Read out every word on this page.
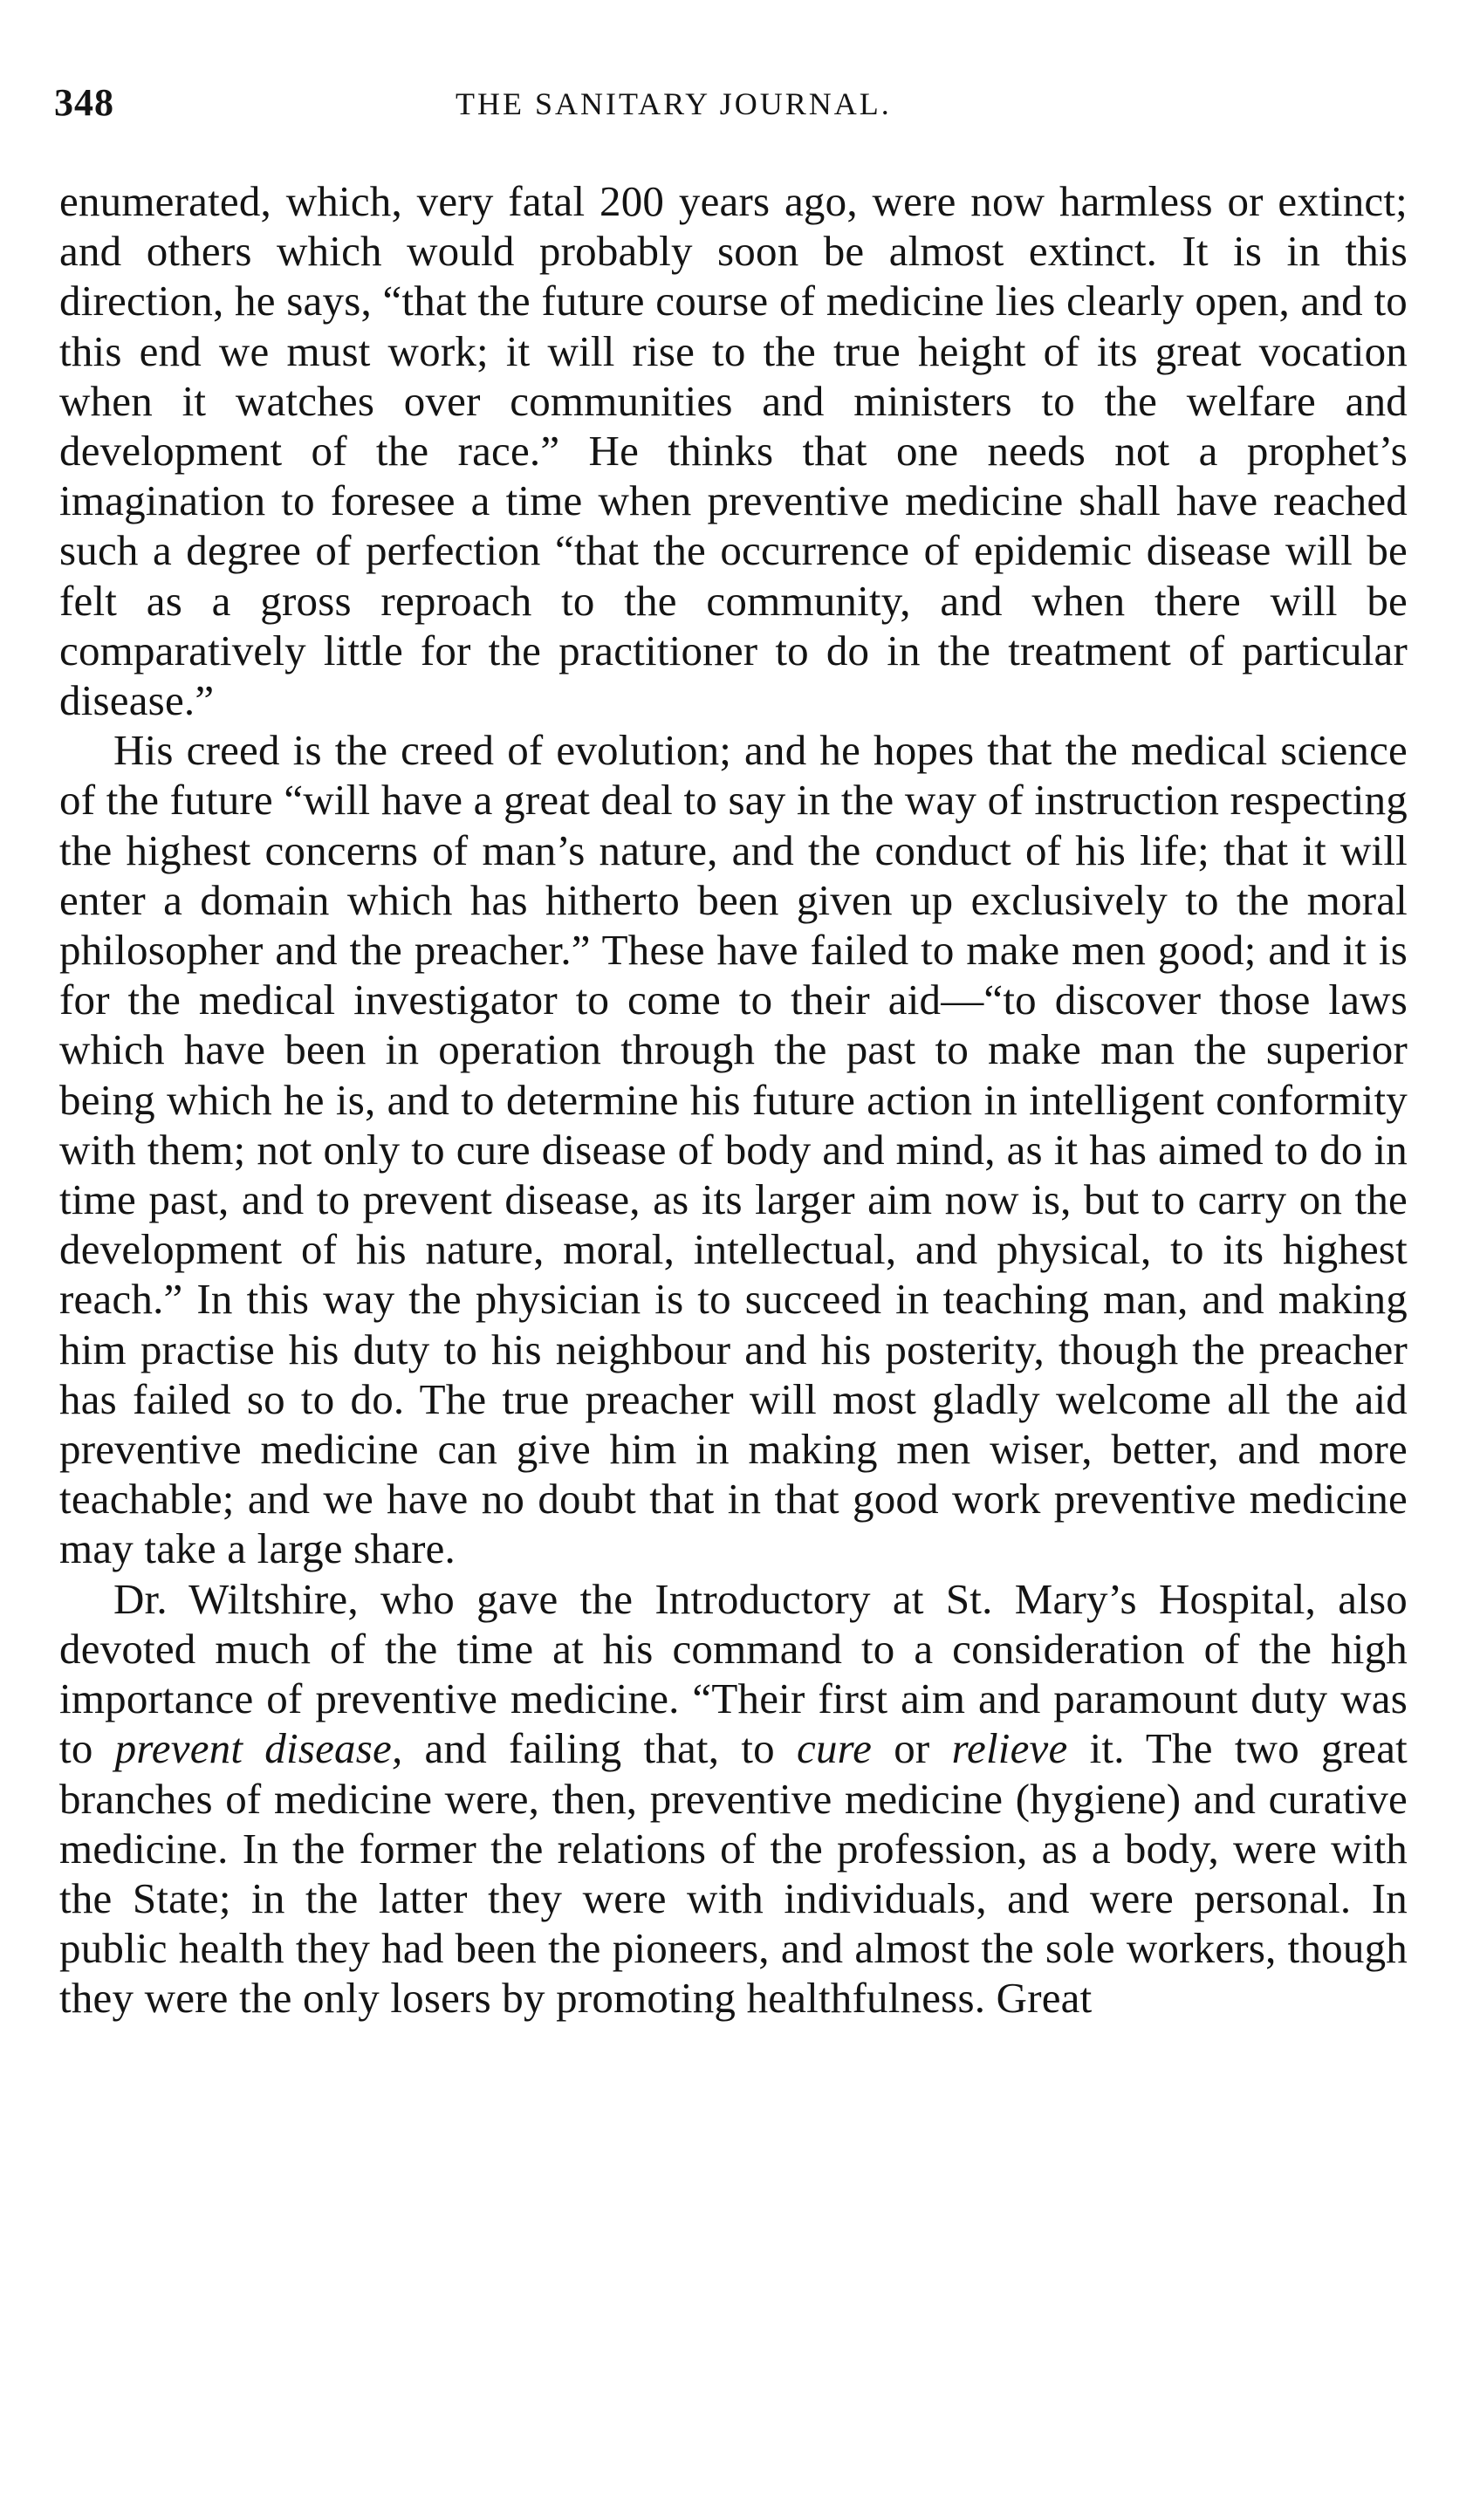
348	THE SANITARY JOURNAL.

enumerated, which, very fatal 200 years ago, were now harmless or extinct; and others which would probably soon be almost extinct. It is in this direction, he says, “that the future course of medicine lies clearly open, and to this end we must work; it will rise to the true height of its great vocation when it watches over communities and ministers to the welfare and development of the race.” He thinks that one needs not a prophet’s imagination to foresee a time when preventive medicine shall have reached such a degree of perfection “that the occurrence of epidemic disease will be felt as a gross reproach to the community, and when there will be comparatively little for the practitioner to do in the treatment of particular disease.”

His creed is the creed of evolution; and he hopes that the medical science of the future “will have a great deal to say in the way of instruction respecting the highest concerns of man’s nature, and the conduct of his life; that it will enter a domain which has hitherto been given up exclusively to the moral philosopher and the preacher.” These have failed to make men good; and it is for the medical investigator to come to their aid—“to discover those laws which have been in operation through the past to make man the superior being which he is, and to determine his future action in intelligent conformity with them; not only to cure disease of body and mind, as it has aimed to do in time past, and to prevent disease, as its larger aim now is, but to carry on the development of his nature, moral, intellectual, and physical, to its highest reach.” In this way the physician is to succeed in teaching man, and making him practise his duty to his neighbour and his posterity, though the preacher has failed so to do. The true preacher will most gladly welcome all the aid preventive medicine can give him in making men wiser, better, and more teachable; and we have no doubt that in that good work preventive medicine may take a large share.

Dr. Wiltshire, who gave the Introductory at St. Mary’s Hospital, also devoted much of the time at his command to a consideration of the high importance of preventive medicine. “Their first aim and paramount duty was to prevent disease, and failing that, to cure or relieve it. The two great branches of medicine were, then, preventive medicine (hygiene) and curative medicine. In the former the relations of the profession, as a body, were with the State; in the latter they were with individuals, and were personal. In public health they had been the pioneers, and almost the sole workers, though they were the only losers by promoting healthfulness. Great
